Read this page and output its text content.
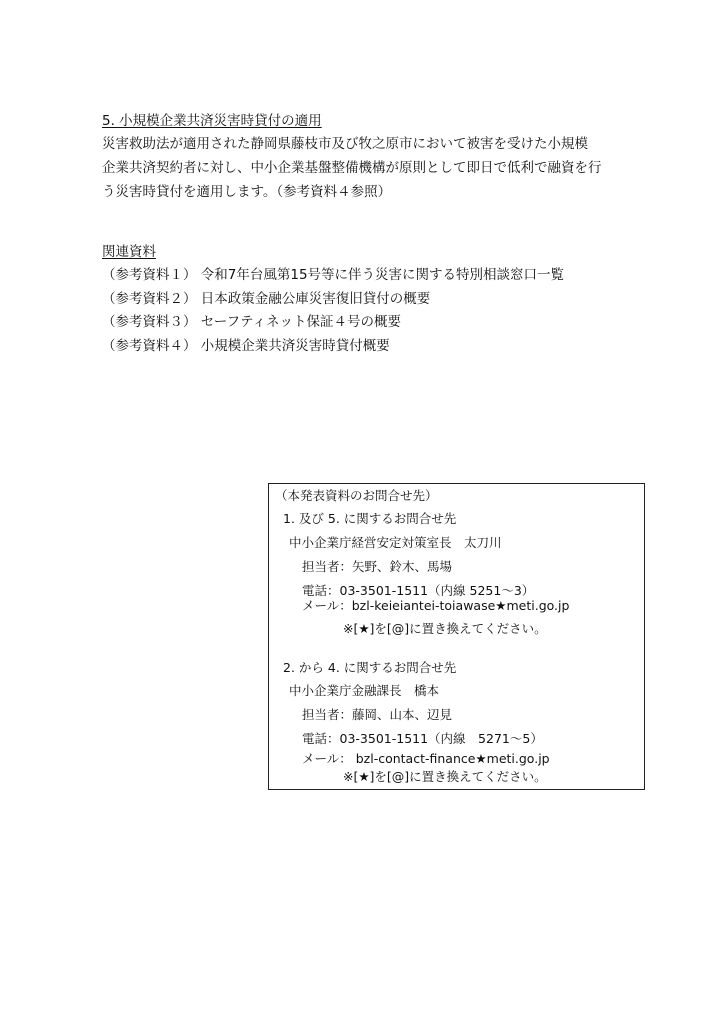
5. 小規模企業共済災害時貸付の適用
災害救助法が適用された静岡県藤枝市及び牧之原市において被害を受けた小規模
企業共済契約者に対し、中小企業基盤整備機構が原則として即日で低利で融資を行
う災害時貸付を適用します。（参考資料４参照）
関連資料
（参考資料１） 令和7年台風第15号等に伴う災害に関する特別相談窓口一覧
（参考資料２） 日本政策金融公庫災害復旧貸付の概要
（参考資料３） セーフティネット保証４号の概要
（参考資料４） 小規模企業共済災害時貸付概要
（本発表資料のお問合せ先）
1. 及び 5. に関するお問合せ先
中小企業庁経営安定対策室長　太刀川
担当者：矢野、鈴木、馬場
電話：03-3501-1511（内線 5251～3）
メール：bzl-keieiantei-toiawase★meti.go.jp
※[★]を[@]に置き換えてください。
2. から 4. に関するお問合せ先
中小企業庁金融課長　橋本
担当者：藤岡、山本、辺見
電話：03-3501-1511（内線　5271～5）
メール： bzl-contact-finance★meti.go.jp
※[★]を[@]に置き換えてください。
